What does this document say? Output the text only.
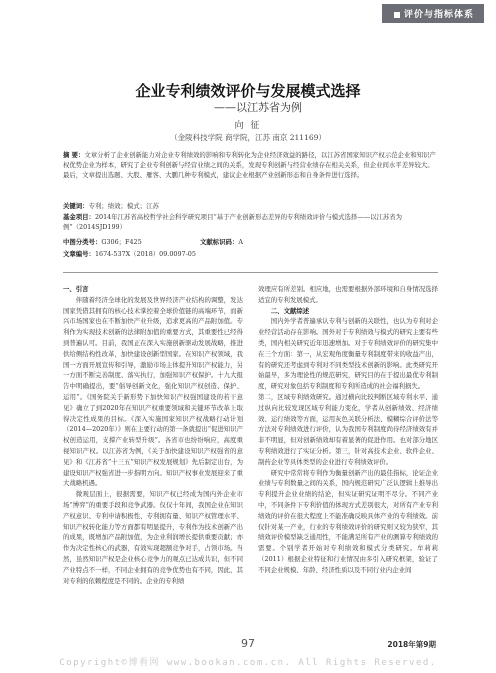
评价与指标体系
企业专利绩效评价与发展模式选择
——以江苏省为例
向 征
（金陵科技学院 商学院，江苏 南京 211169）
摘 要：文章分析了企业创新能力对企业专利绩效的影响和专利转化为企业经济效益的路径，以江苏省国家知识产权示范企业和知识产权优势企业为样本，研究了企业专利创新与经营业绩之间的关系，发现专利创新与经营业绩存在相关关系，但企业间水平差异较大。最后，文章提出选题、大股、雁客、大鹏几种专利模式，建议企业根据产业创新形态和自身条件进行选择。
关键词：专利；绩效；模式；江苏
基金项目：2014年江苏省高校哲学社会科学研究项目“基于产业创新形态差异的专利绩效评价与模式选择——以江苏省为例”（2014SJD199）
中图分类号：G306；F425	文献标识码：A
文章编号：1674-537X（2018）09.0097-05
一、引言

伴随着经济全球化的发展及世界经济产业结构的调整，发达国家凭借其拥有的核心技术掌控着全球价值链的高端环节，而新兴市场国家也在不断加快产业升级，追求更高的产品附加值。专利作为实现技术创新的法律附加值的重要方式，其重要性已经得到普遍认可。目前，我国正在深入实施创新驱动发展战略，推进供给侧结构性改革，加快建设创新型国家。在知识产权领域，我国一方面开展宣传和引导，激励市场主体提升知识产权能力，另一方面不断完善制度、落实执行，加强知识产权保护。十九大报告中明确提出，要“倡导创新文化，强化知识产权创造、保护、运用”。《国务院关于新形势下加快知识产权强国建设的若干意见》确立了到2020年在知识产权重要领域和关键环节改革上取得决定性成果的目标。《深入实施国家知识产权战略行动计划（2014—2020年）》则在主要行动的第一条就提出“促进知识产权创造运用，支撑产业转型升级”。各省市也纷纷响应，高度重视知识产权。以江苏省为例，《关于加快建设知识产权强省的意见》和《江苏省“十三五”知识产权发展规划》先后制定出台，为建设知识产权强省进一步指明方向。知识产权事业发展迎来了重大战略机遇。

微观层面上，很据需要，知识产权已经成为国内外企业市场“博弈”的重要手段和竞争武器。仅仅十年间，我国企业在知识产权意识、专利申请积极性、专利拥有量、知识产权管理水平、知识产权转化能力等方面都有明显提升，专利作为技术创新产出的成果，既增加产品附加值，为企业利润增长提供重要贡献；亦作为决定性核心的武器，有效实现超额竞争对手，占领市场。当然，虽然知识产权是企业核心竞争力的观点已达成共识，但不同产业特点不一样，不同企业拥有的竞争优势也有不同，因此，其对专利的依赖程度是不同的。企业的专利绩

效理应有所差别。相应地，也需要根据外部环境和自身情况选择适宜的专利发展模式。

二、文献综述

国内外学者普遍承认专利与创新的关联性，也认为专利对企业经营活动存在影响。国外对于专利绩效与模式的研究主要有些类，国内相关研究近年迅速增加。对于专利绩效评价的研究集中在三个方面：第一，从宏观角度衡量专利制度带来的收益产出，有的研究还考虑到专利对不同类型技术创新的影响。此类研究开始最早，多为理论性的规范研究，研究目的在于提出最优专利制度，研究对象包括专利制度和专利所造成的社会福利损失。

第二，区域专利绩效研究。通过横向比较判断区域专利水平、通过纵向比较发现区域专利能力变化，学者从创新绩效、经济绩效、运行绩效等方面，运用灰色关联分析法、模糊综合评价法等方法对专利绩效进行评价，认为我国专利制度尚待经济绩效有并非不明显，但对创新绩效却有着显著的促进作用。也对部分地区专利绩效进行了实证分析。第三，针对高技术企业、软件企业、制药企业等具体类型的企业进行专利绩效评价。

研究中常常将专利作为衡量创新产出的最佳指标，论证企业业绩与专利数量之间的关系，国内规范研究广泛认逻辑上推导出专利提升企业业绩的结论，但实证研究证明不尽分。不同产业中，不同条件下专利价值的体现方式差别很大，对所有产业专利绩效的评价在很大程度上不能准确反映具体产业的专利绩效。前仅针对某一产业，行业的专利绩效评价的研究则又较为狭窄，其绩效评价模型缺乏通用性，不能满足所有产业的测算专利绩效的需要。个别学者开始对专利绩效和模式分类研究。牟莉莉（2011）根据企业特征和行业情况由多引入研究框架，验证了不同企业规模、年龄、经济性质以及不同行业内企业间

97	2018年第9期
Copyright©博看网 www.bookan.com.cn. All Rights Reserved.
